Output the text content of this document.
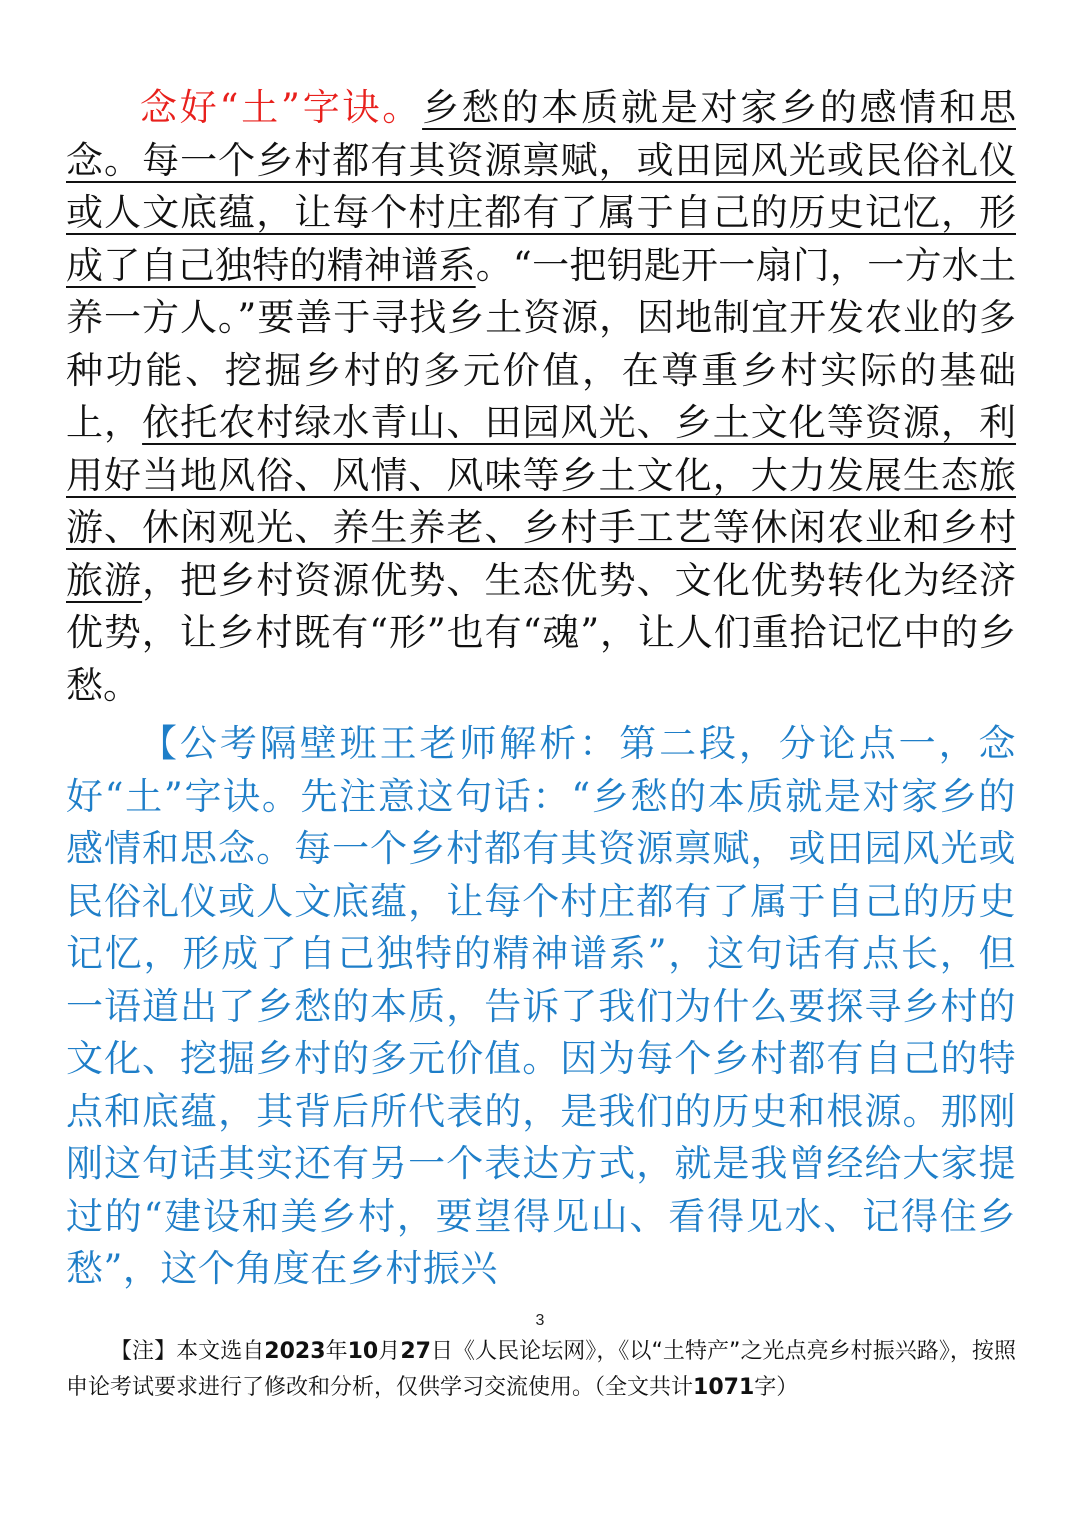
念好“土”字诀。乡愁的本质就是对家乡的感情和思念。每一个乡村都有其资源禀赋，或田园风光或民俗礼仪或人文底蕴，让每个村庄都有了属于自己的历史记忆，形成了自己独特的精神谱系。“一把钥匙开一扇门，一方水土养一方人。”要善于寻找乡土资源，因地制宜开发农业的多种功能、挖掘乡村的多元价值，在尊重乡村实际的基础上，依托农村绿水青山、田园风光、乡土文化等资源，利用好当地风俗、风情、风味等乡土文化，大力发展生态旅游、休闲观光、养生养老、乡村手工艺等休闲农业和乡村旅游，把乡村资源优势、生态优势、文化优势转化为经济优势，让乡村既有“形”也有“魂”，让人们重拾记忆中的乡愁。

【公考隔壁班王老师解析：第二段，分论点一，念好“土”字诀。先注意这句话：“乡愁的本质就是对家乡的感情和思念。每一个乡村都有其资源禀赋，或田园风光或民俗礼仪或人文底蕴，让每个村庄都有了属于自己的历史记忆，形成了自己独特的精神谱系”，这句话有点长，但一语道出了乡愁的本质，告诉了我们为什么要探寻乡村的文化、挖掘乡村的多元价值。因为每个乡村都有自己的特点和底蕴，其背后所代表的，是我们的历史和根源。那刚刚这句话其实还有另一个表达方式，就是我曾经给大家提过的“建设和美乡村，要望得见山、看得见水、记得住乡愁”，这个角度在乡村振兴

3

【注】本文选自2023年10月27日《人民论坛网》，《以“土特产”之光点亮乡村振兴路》，按照申论考试要求进行了修改和分析，仅供学习交流使用。（全文共计1071字）
